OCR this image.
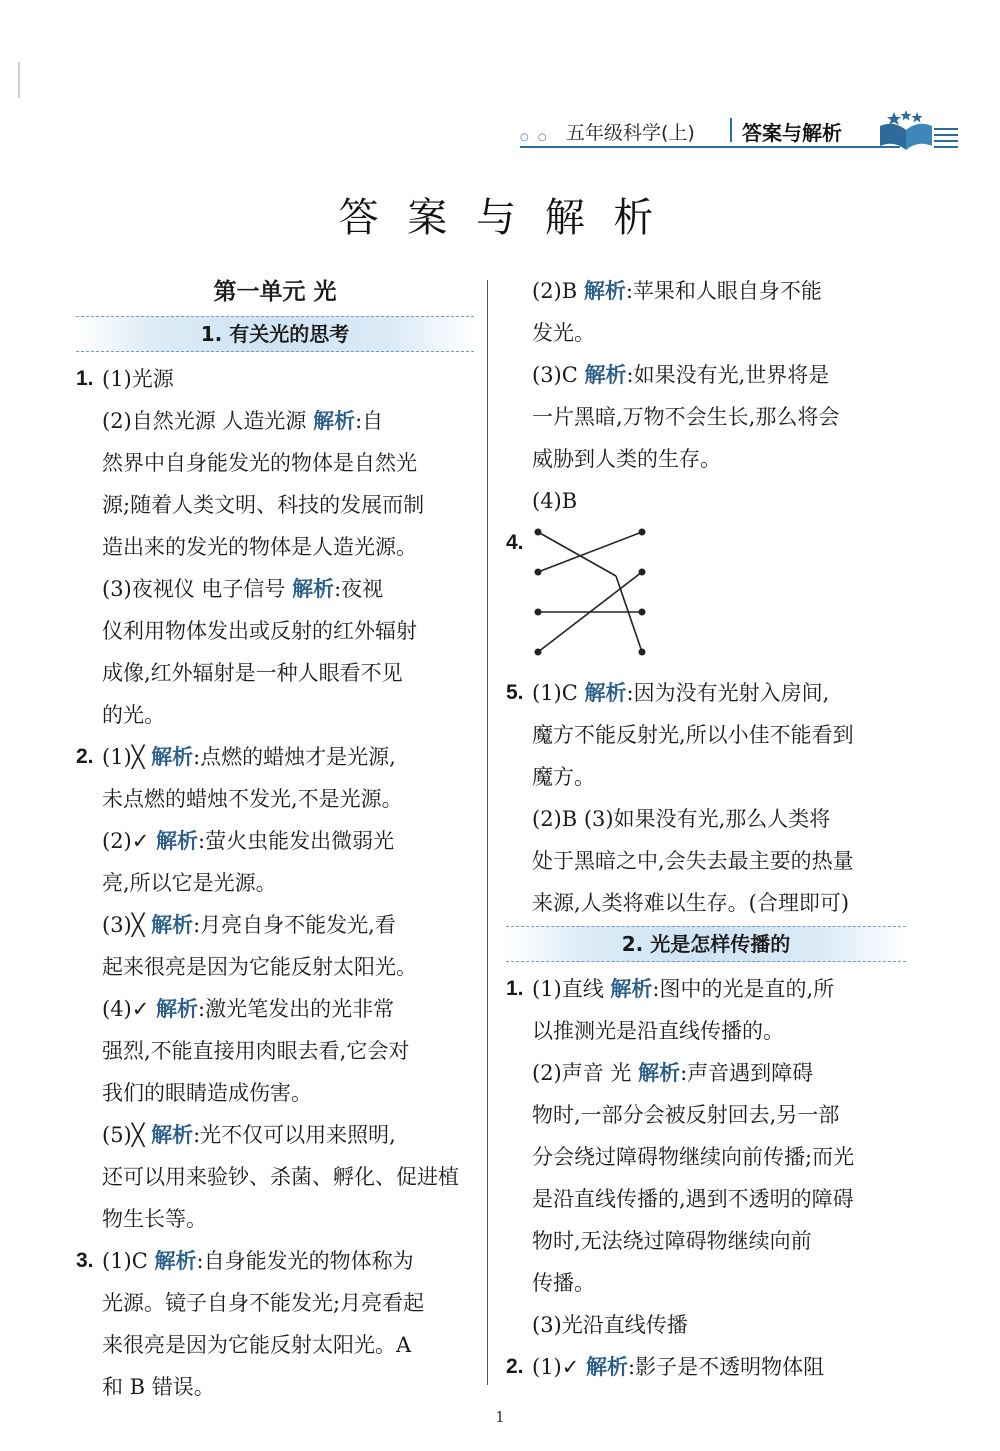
○ ○ 五年级科学(上) 答案与解析
答 案 与 解 析
第一单元 光
1. 有关光的思考
1. (1)光源
(2)自然光源 人造光源 解析:自
然界中自身能发光的物体是自然光
源;随着人类文明、科技的发展而制
造出来的发光的物体是人造光源。
(3)夜视仪 电子信号 解析:夜视
仪利用物体发出或反射的红外辐射
成像,红外辐射是一种人眼看不见
的光。
2. (1)╳ 解析:点燃的蜡烛才是光源,
未点燃的蜡烛不发光,不是光源。
(2)✓ 解析:萤火虫能发出微弱光
亮,所以它是光源。
(3)╳ 解析:月亮自身不能发光,看
起来很亮是因为它能反射太阳光。
(4)✓ 解析:激光笔发出的光非常
强烈,不能直接用肉眼去看,它会对
我们的眼睛造成伤害。
(5)╳ 解析:光不仅可以用来照明,
还可以用来验钞、杀菌、孵化、促进植
物生长等。
3. (1)C 解析:自身能发光的物体称为
光源。镜子自身不能发光;月亮看起
来很亮是因为它能反射太阳光。A
和 B 错误。
(2)B 解析:苹果和人眼自身不能
发光。
(3)C 解析:如果没有光,世界将是
一片黑暗,万物不会生长,那么将会
威胁到人类的生存。
(4)B
4.
5. (1)C 解析:因为没有光射入房间,
魔方不能反射光,所以小佳不能看到
魔方。
(2)B (3)如果没有光,那么人类将
处于黑暗之中,会失去最主要的热量
来源,人类将难以生存。(合理即可)
2. 光是怎样传播的
1. (1)直线 解析:图中的光是直的,所
以推测光是沿直线传播的。
(2)声音 光 解析:声音遇到障碍
物时,一部分会被反射回去,另一部
分会绕过障碍物继续向前传播;而光
是沿直线传播的,遇到不透明的障碍
物时,无法绕过障碍物继续向前
传播。
(3)光沿直线传播
2. (1)✓ 解析:影子是不透明物体阻
1
